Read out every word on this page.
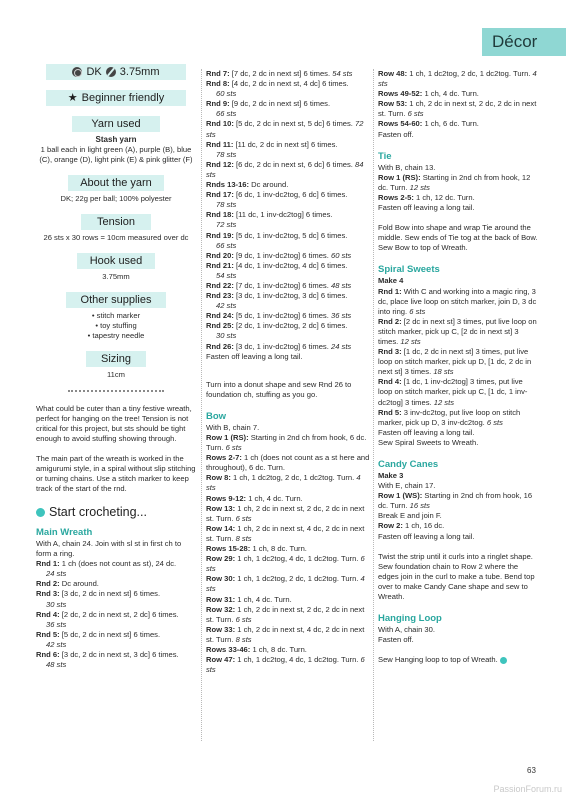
Décor
DK 3.75mm
★ Beginner friendly
Yarn used
Stash yarn
1 ball each in light green (A), purple (B), blue (C), orange (D), light pink (E) & pink glitter (F)
About the yarn
DK; 22g per ball; 100% polyester
Tension
26 sts x 30 rows = 10cm measured over dc
Hook used
3.75mm
Other supplies
• stitch marker
• toy stuffing
• tapestry needle
Sizing
11cm

What could be cuter than a tiny festive wreath, perfect for hanging on the tree! Tension is not critical for this project, but sts should be tight enough to avoid stuffing showing through.

The main part of the wreath is worked in the amigurumi style, in a spiral without slip stitching or turning chains. Use a stitch marker to keep track of the start of the rnd.

Start crocheting...
Main Wreath
With A, chain 24. Join with sl st in first ch to form a ring.
Rnd 1: 1 ch (does not count as st), 24 dc.
24 sts
Rnd 2: Dc around.
Rnd 3: [3 dc, 2 dc in next st] 6 times.
30 sts
Rnd 4: [2 dc, 2 dc in next st, 2 dc] 6 times.
36 sts
Rnd 5: [5 dc, 2 dc in next st] 6 times.
42 sts
Rnd 6: [3 dc, 2 dc in next st, 3 dc] 6 times.
48 sts
Rnd 7: [7 dc, 2 dc in next st] 6 times. 54 sts
Rnd 8: [4 dc, 2 dc in next st, 4 dc] 6 times.
60 sts
Rnd 9: [9 dc, 2 dc in next st] 6 times.
66 sts
Rnd 10: [5 dc, 2 dc in next st, 5 dc] 6 times. 72 sts
Rnd 11: [11 dc, 2 dc in next st] 6 times.
78 sts
Rnd 12: [6 dc, 2 dc in next st, 6 dc] 6 times. 84 sts
Rnds 13-16: Dc around.
Rnd 17: [6 dc, 1 inv-dc2tog, 6 dc] 6 times.
78 sts
Rnd 18: [11 dc, 1 inv-dc2tog] 6 times.
72 sts
Rnd 19: [5 dc, 1 inv-dc2tog, 5 dc] 6 times.
66 sts
Rnd 20: [9 dc, 1 inv-dc2tog] 6 times. 60 sts
Rnd 21: [4 dc, 1 inv-dc2tog, 4 dc] 6 times.
54 sts
Rnd 22: [7 dc, 1 inv-dc2tog] 6 times. 48 sts
Rnd 23: [3 dc, 1 inv-dc2tog, 3 dc] 6 times.
42 sts
Rnd 24: [5 dc, 1 inv-dc2tog] 6 times. 36 sts
Rnd 25: [2 dc, 1 inv-dc2tog, 2 dc] 6 times.
30 sts
Rnd 26: [3 dc, 1 inv-dc2tog] 6 times. 24 sts
Fasten off leaving a long tail.
Turn into a donut shape and sew Rnd 26 to foundation ch, stuffing as you go.
Bow
With B, chain 7.
Row 1 (RS): Starting in 2nd ch from hook, 6 dc. Turn. 6 sts
Rows 2-7: 1 ch (does not count as a st here and throughout), 6 dc. Turn.
Row 8: 1 ch, 1 dc2tog, 2 dc, 1 dc2tog. Turn. 4 sts
Rows 9-12: 1 ch, 4 dc. Turn.
Row 13: 1 ch, 2 dc in next st, 2 dc, 2 dc in next st. Turn. 6 sts
Row 14: 1 ch, 2 dc in next st, 4 dc, 2 dc in next st. Turn. 8 sts
Rows 15-28: 1 ch, 8 dc. Turn.
Row 29: 1 ch, 1 dc2tog, 4 dc, 1 dc2tog. Turn. 6 sts
Row 30: 1 ch, 1 dc2tog, 2 dc, 1 dc2tog. Turn. 4 sts
Row 31: 1 ch, 4 dc. Turn.
Row 32: 1 ch, 2 dc in next st, 2 dc, 2 dc in next st. Turn. 6 sts
Row 33: 1 ch, 2 dc in next st, 4 dc, 2 dc in next st. Turn. 8 sts
Rows 33-46: 1 ch, 8 dc. Turn.
Row 47: 1 ch, 1 dc2tog, 4 dc, 1 dc2tog. Turn. 6 sts
Row 48: 1 ch, 1 dc2tog, 2 dc, 1 dc2tog. Turn. 4 sts
Rows 49-52: 1 ch, 4 dc. Turn.
Row 53: 1 ch, 2 dc in next st, 2 dc, 2 dc in next st. Turn. 6 sts
Rows 54-60: 1 ch, 6 dc. Turn.
Fasten off.
Tie
With B, chain 13.
Row 1 (RS): Starting in 2nd ch from hook, 12 dc. Turn. 12 sts
Rows 2-5: 1 ch, 12 dc. Turn.
Fasten off leaving a long tail.
Fold Bow into shape and wrap Tie around the middle. Sew ends of Tie tog at the back of Bow. Sew Bow to top of Wreath.
Spiral Sweets
Make 4
Rnd 1: With C and working into a magic ring, 3 dc, place live loop on stitch marker, join D, 3 dc into ring. 6 sts
Rnd 2: [2 dc in next st] 3 times, put live loop on stitch marker, pick up C, [2 dc in next st] 3 times. 12 sts
Rnd 3: [1 dc, 2 dc in next st] 3 times, put live loop on stitch marker, pick up D, [1 dc, 2 dc in next st] 3 times. 18 sts
Rnd 4: [1 dc, 1 inv-dc2tog] 3 times, put live loop on stitch marker, pick up C, [1 dc, 1 inv-dc2tog] 3 times. 12 sts
Rnd 5: 3 inv-dc2tog, put live loop on stitch marker, pick up D, 3 inv-dc2tog. 6 sts
Fasten off leaving a long tail.
Sew Spiral Sweets to Wreath.
Candy Canes
Make 3
With E, chain 17.
Row 1 (WS): Starting in 2nd ch from hook, 16 dc. Turn. 16 sts
Break E and join F.
Row 2: 1 ch, 16 dc.
Fasten off leaving a long tail.
Twist the strip until it curls into a ringlet shape. Sew foundation chain to Row 2 where the edges join in the curl to make a tube. Bend top over to make Candy Cane shape and sew to Wreath.
Hanging Loop
With A, chain 30.
Fasten off.
Sew Hanging loop to top of Wreath.
63
PassionForum.ru
